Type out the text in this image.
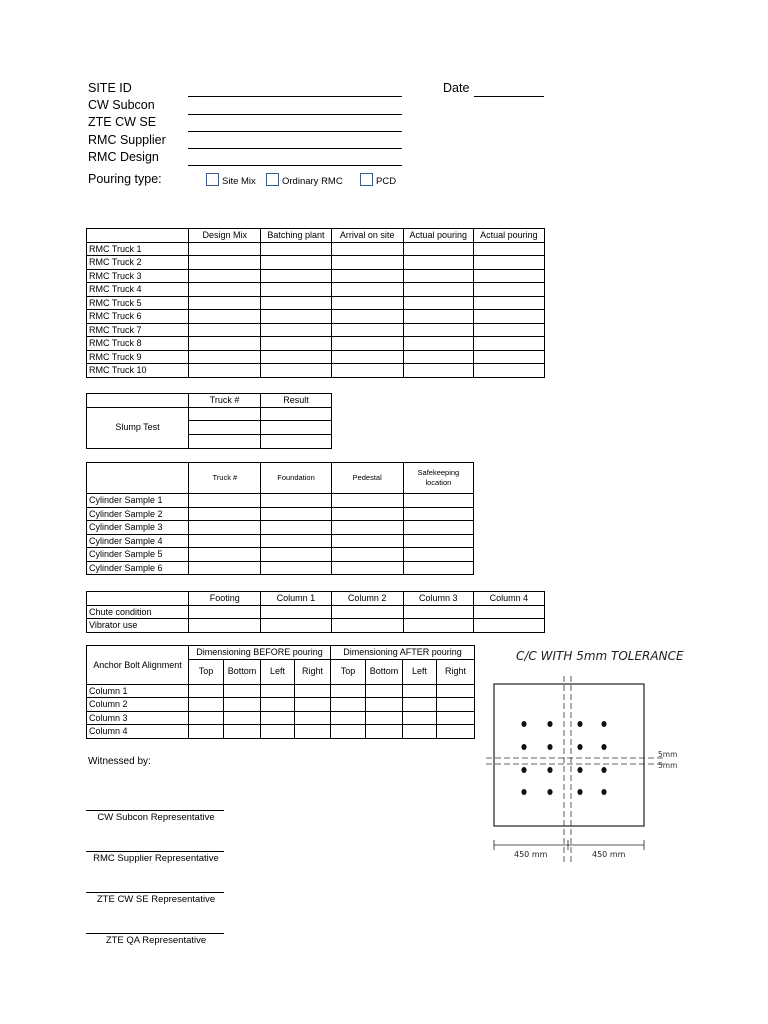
SITE ID
CW Subcon
ZTE CW SE
RMC Supplier
RMC Design
Date
Pouring type:	Site Mix	Ordinary RMC	PCD
	Design Mix	Batching plant	Arrival on site	Actual pouring	Actual pouring
RMC Truck 1					
RMC Truck 2					
RMC Truck 3					
RMC Truck 4					
RMC Truck 5					
RMC Truck 6					
RMC Truck 7					
RMC Truck 8					
RMC Truck 9					
RMC Truck 10					
	Truck #	Result
Slump Test		

	Truck #	Foundation	Pedestal	Safekeeping location
Cylinder Sample 1				
Cylinder Sample 2				
Cylinder Sample 3				
Cylinder Sample 4				
Cylinder Sample 5				
Cylinder Sample 6				
	Footing	Column 1	Column 2	Column 3	Column 4
Chute condition					
Vibrator use					
Anchor Bolt Alignment	Dimensioning BEFORE pouring				Dimensioning AFTER pouring			
	Top	Bottom	Left	Right	Top	Bottom	Left	Right
Column 1								
Column 2								
Column 3								
Column 4								
C/C WITH 5mm TOLERANCE
5mm
5mm
450 mm	450 mm
Witnessed by:
CW Subcon Representative
RMC Supplier Representative
ZTE CW SE Representative
ZTE QA Representative
